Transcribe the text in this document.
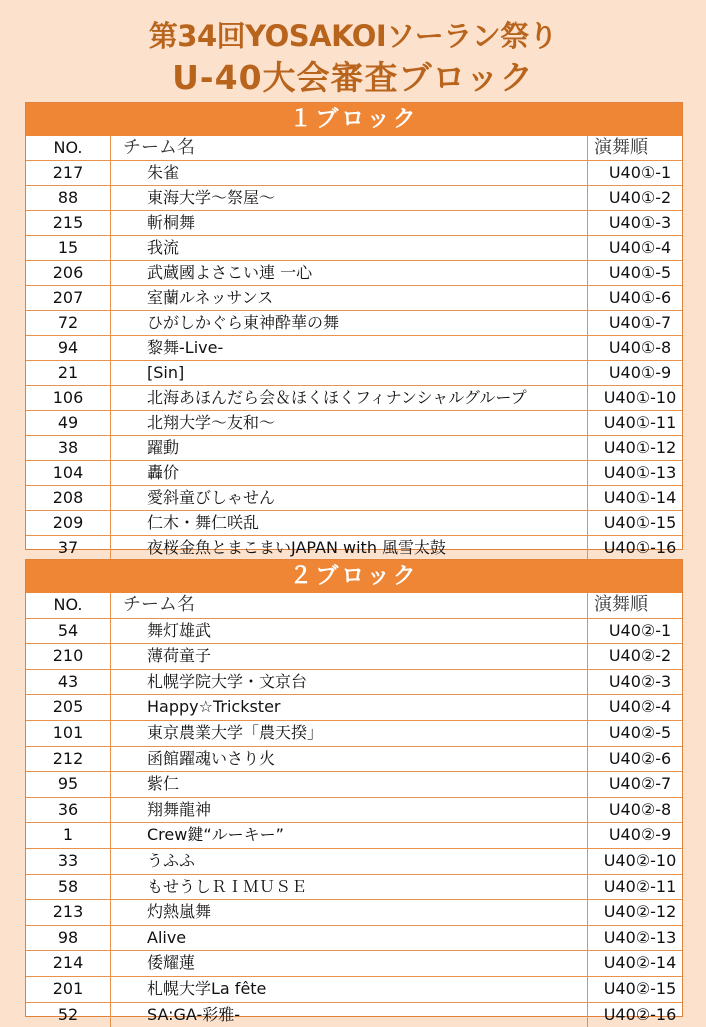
第34回YOSAKOIソーラン祭り
U-40大会審査ブロック
１ブロック
NO.	チーム名	演舞順
217	朱雀	U40①-1
88	東海大学～祭屋～	U40①-2
215	斬桐舞	U40①-3
15	我流	U40①-4
206	武蔵國よさこい連 一心	U40①-5
207	室蘭ルネッサンス	U40①-6
72	ひがしかぐら東神酔華の舞	U40①-7
94	黎舞-Live-	U40①-8
21	[Sin]	U40①-9
106	北海あほんだら会＆ほくほくフィナンシャルグループ	U40①-10
49	北翔大学～友和～	U40①-11
38	躍動	U40①-12
104	轟价	U40①-13
208	愛斜童びしゃせん	U40①-14
209	仁木・舞仁咲乱	U40①-15
37	夜桜金魚とまこまいJAPAN with 風雪太鼓	U40①-16
２ブロック
NO.	チーム名	演舞順
54	舞灯雄武	U40②-1
210	薄荷童子	U40②-2
43	札幌学院大学・文京台	U40②-3
205	Happy☆Trickster	U40②-4
101	東京農業大学「農天揆」	U40②-5
212	函館躍魂いさり火	U40②-6
95	紫仁	U40②-7
36	翔舞龍神	U40②-8
1	Crew鍵“ルーキー”	U40②-9
33	うふふ	U40②-10
58	もせうしＲＩＭＵＳＥ	U40②-11
213	灼熱嵐舞	U40②-12
98	Alive	U40②-13
214	倭耀蓮	U40②-14
201	札幌大学La fête	U40②-15
52	SA:GA-彩雅-	U40②-16
